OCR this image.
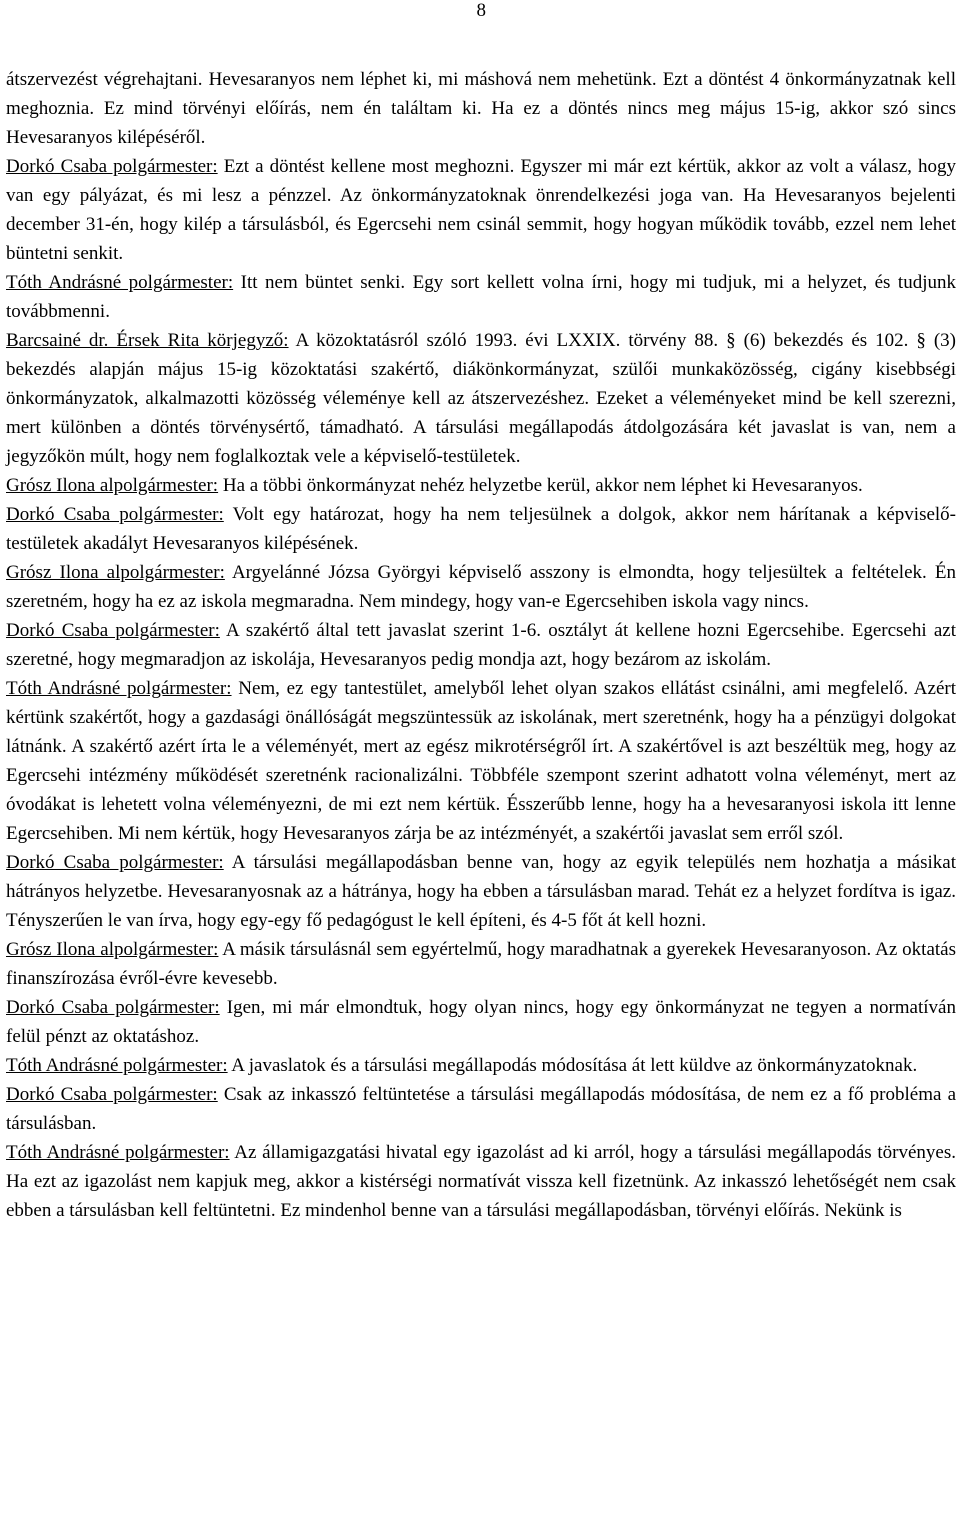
8

átszervezést végrehajtani. Hevesaranyos nem léphet ki, mi máshová nem mehetünk. Ezt a döntést 4 önkormányzatnak kell meghoznia. Ez mind törvényi előírás, nem én találtam ki. Ha ez a döntés nincs meg május 15-ig, akkor szó sincs Hevesaranyos kilépéséről.

Dorkó Csaba polgármester: Ezt a döntést kellene most meghozni. Egyszer mi már ezt kértük, akkor az volt a válasz, hogy van egy pályázat, és mi lesz a pénzzel. Az önkormányzatoknak önrendelkezési joga van. Ha Hevesaranyos bejelenti december 31-én, hogy kilép a társulásból, és Egercsehi nem csinál semmit, hogy hogyan működik tovább, ezzel nem lehet büntetni senkit.

Tóth Andrásné polgármester: Itt nem büntet senki. Egy sort kellett volna írni, hogy mi tudjuk, mi a helyzet, és tudjunk továbbmenni.

Barcsainé dr. Érsek Rita körjegyző: A közoktatásról szóló 1993. évi LXXIX. törvény 88. § (6) bekezdés és 102. § (3) bekezdés alapján május 15-ig közoktatási szakértő, diákönkormányzat, szülői munkaközösség, cigány kisebbségi önkormányzatok, alkalmazotti közösség véleménye kell az átszervezéshez. Ezeket a véleményeket mind be kell szerezni, mert különben a döntés törvénysértő, támadható. A társulási megállapodás átdolgozására két javaslat is van, nem a jegyzőkön múlt, hogy nem foglalkoztak vele a képviselő-testületek.

Grósz Ilona alpolgármester: Ha a többi önkormányzat nehéz helyzetbe kerül, akkor nem léphet ki Hevesaranyos.

Dorkó Csaba polgármester: Volt egy határozat, hogy ha nem teljesülnek a dolgok, akkor nem hárítanak a képviselő-testületek akadályt Hevesaranyos kilépésének.

Grósz Ilona alpolgármester: Argyelánné Józsa Györgyi képviselő asszony is elmondta, hogy teljesültek a feltételek. Én szeretném, hogy ha ez az iskola megmaradna. Nem mindegy, hogy van-e Egercsehiben iskola vagy nincs.

Dorkó Csaba polgármester: A szakértő által tett javaslat szerint 1-6. osztályt át kellene hozni Egercsehibe. Egercsehi azt szeretné, hogy megmaradjon az iskolája, Hevesaranyos pedig mondja azt, hogy bezárom az iskolám.

Tóth Andrásné polgármester: Nem, ez egy tantestület, amelyből lehet olyan szakos ellátást csinálni, ami megfelelő. Azért kértünk szakértőt, hogy a gazdasági önállóságát megszüntessük az iskolának, mert szeretnénk, hogy ha a pénzügyi dolgokat látnánk. A szakértő azért írta le a véleményét, mert az egész mikrotérségről írt. A szakértővel is azt beszéltük meg, hogy az Egercsehi intézmény működését szeretnénk racionalizálni. Többféle szempont szerint adhatott volna véleményt, mert az óvodákat is lehetett volna véleményezni, de mi ezt nem kértük. Ésszerűbb lenne, hogy ha a hevesaranyosi iskola itt lenne Egercsehiben. Mi nem kértük, hogy Hevesaranyos zárja be az intézményét, a szakértői javaslat sem erről szól.

Dorkó Csaba polgármester: A társulási megállapodásban benne van, hogy az egyik település nem hozhatja a másikat hátrányos helyzetbe. Hevesaranyosnak az a hátránya, hogy ha ebben a társulásban marad. Tehát ez a helyzet fordítva is igaz. Tényszerűen le van írva, hogy egy-egy fő pedagógust le kell építeni, és 4-5 főt át kell hozni.

Grósz Ilona alpolgármester: A másik társulásnál sem egyértelmű, hogy maradhatnak a gyerekek Hevesaranyoson. Az oktatás finanszírozása évről-évre kevesebb.

Dorkó Csaba polgármester: Igen, mi már elmondtuk, hogy olyan nincs, hogy egy önkormányzat ne tegyen a normatíván felül pénzt az oktatáshoz.

Tóth Andrásné polgármester: A javaslatok és a társulási megállapodás módosítása át lett küldve az önkormányzatoknak.

Dorkó Csaba polgármester: Csak az inkasszó feltüntetése a társulási megállapodás módosítása, de nem ez a fő probléma a társulásban.

Tóth Andrásné polgármester: Az államigazgatási hivatal egy igazolást ad ki arról, hogy a társulási megállapodás törvényes. Ha ezt az igazolást nem kapjuk meg, akkor a kistérségi normatívát vissza kell fizetnünk. Az inkasszó lehetőségét nem csak ebben a társulásban kell feltüntetni. Ez mindenhol benne van a társulási megállapodásban, törvényi előírás. Nekünk is
